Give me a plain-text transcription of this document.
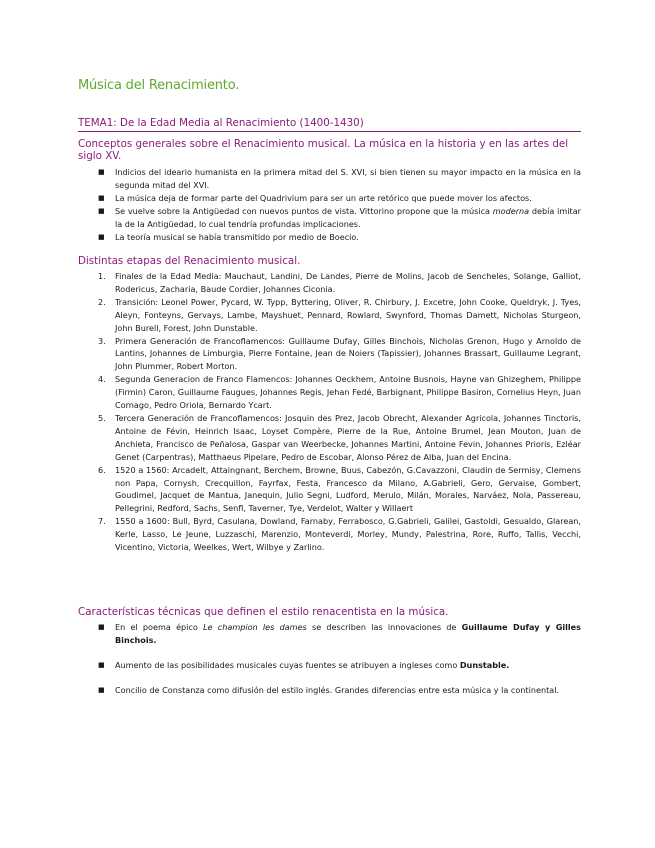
Música del Renacimiento.
TEMA1: De la Edad Media al Renacimiento (1400-1430)
Conceptos generales sobre el Renacimiento musical. La música en la historia y en las artes del siglo XV.
■ Indicios del ideario humanista en la primera mitad del S. XVI, si bien tienen su mayor impacto en la música en la segunda mitad del XVI.
■ La música deja de formar parte del Quadrivium para ser un arte retórico que puede mover los afectos.
■ Se vuelve sobre la Antigüedad con nuevos puntos de vista. Vittorino propone que la música moderna debía imitar la de la Antigüedad, lo cual tendría profundas implicaciones.
■ La teoría musical se había transmitido por medio de Boecio.
Distintas etapas del Renacimiento musical.
1. Finales de la Edad Media: Mauchaut, Landini, De Landes, Pierre de Molins, Jacob de Sencheles, Solange, Galliot, Rodericus, Zacharia, Baude Cordier, Johannes Ciconia.
2. Transición: Leonel Power, Pycard, W. Typp, Byttering, Oliver, R. Chirbury, J. Excetre, John Cooke, Queldryk, J. Tyes, Aleyn, Fonteyns, Gervays, Lambe, Mayshuet, Pennard, Rowlard, Swynford, Thomas Damett, Nicholas Sturgeon, John Burell, Forest, John Dunstable.
3. Primera Generación de Francoflamencos: Guillaume Dufay, Gilles Binchois, Nicholas Grenon, Hugo y Arnoldo de Lantins, Johannes de Limburgia, Pierre Fontaine, Jean de Noiers (Tapissier), Johannes Brassart, Guillaume Legrant, John Plummer, Robert Morton.
4. Segunda Generacion de Franco Flamencos: Johannes Oeckhem, Antoine Busnois, Hayne van Ghizeghem, Philippe (Firmin) Caron, Guillaume Faugues, Johannes Regis, Jehan Fedé, Barbignant, Philippe Basiron, Cornelius Heyn, Juan Cornago, Pedro Oriola, Bernardo Ycart.
5. Tercera Generación de Francoflamencos: Josquin des Prez, Jacob Obrecht, Alexander Agricola, Johannes Tinctoris, Antoine de Févin, Heinrich Isaac, Loyset Compère, Pierre de la Rue, Antoine Brumel, Jean Mouton, Juan de Anchieta, Francisco de Peñalosa, Gaspar van Weerbecke, Johannes Martini, Antoine Fevin, Johannes Prioris, Ezléar Genet (Carpentras), Matthaeus Pipelare, Pedro de Escobar, Alonso Pérez de Alba, Juan del Encina.
6. 1520 a 1560: Arcadelt, Attaingnant, Berchem, Browne, Buus, Cabezón, G.Cavazzoni, Claudin de Sermisy, Clemens non Papa, Cornysh, Crecquillon, Fayrfax, Festa, Francesco da Milano, A.Gabrieli, Gero, Gervaise, Gombert, Goudimel, Jacquet de Mantua, Janequin, Julio Segni, Ludford, Merulo, Milán, Morales, Narváez, Nola, Passereau, Pellegrini, Redford, Sachs, Senfl, Taverner, Tye, Verdelot, Walter y Willaert
7. 1550 a 1600: Bull, Byrd, Casulana, Dowland, Farnaby, Ferrabosco, G.Gabrieli, Galilei, Gastoldi, Gesualdo, Glarean, Kerle, Lasso, Le Jeune, Luzzaschi, Marenzio, Monteverdi, Morley, Mundy, Palestrina, Rore, Ruffo, Tallis, Vecchi, Vicentino, Victoria, Weelkes, Wert, Wilbye y Zarlino.
Características técnicas que definen el estilo renacentista en la música.
■ En el poema épico Le champion les dames se describen las innovaciones de Guillaume Dufay y Gilles Binchois.
■ Aumento de las posibilidades musicales cuyas fuentes se atribuyen a ingleses como Dunstable.
■ Concilio de Constanza como difusión del estilo inglés. Grandes diferencias entre esta música y la continental.
